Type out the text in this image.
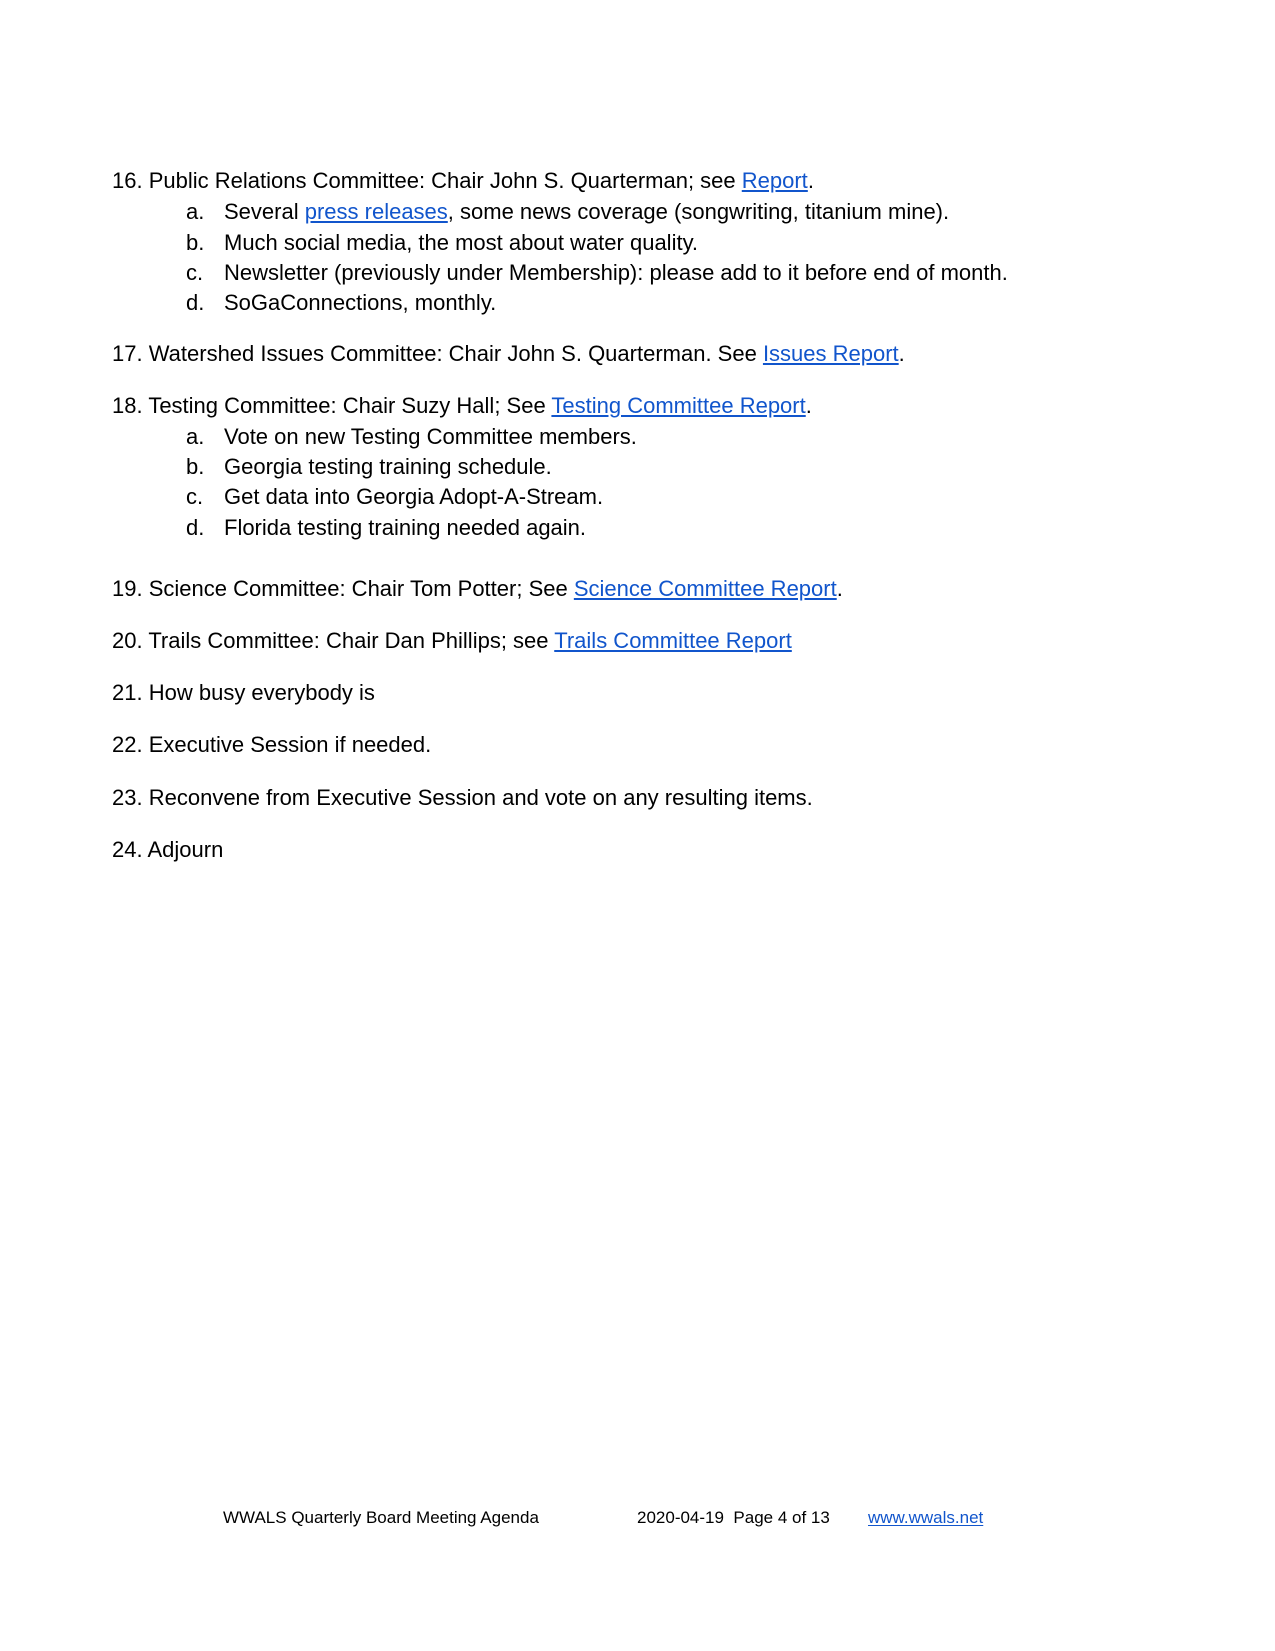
16. Public Relations Committee: Chair John S. Quarterman; see Report.
a. Several press releases, some news coverage (songwriting, titanium mine).
b. Much social media, the most about water quality.
c. Newsletter (previously under Membership): please add to it before end of month.
d. SoGaConnections, monthly.
17. Watershed Issues Committee: Chair John S. Quarterman. See Issues Report.
18. Testing Committee: Chair Suzy Hall; See Testing Committee Report.
a. Vote on new Testing Committee members.
b. Georgia testing training schedule.
c. Get data into Georgia Adopt-A-Stream.
d. Florida testing training needed again.
19. Science Committee: Chair Tom Potter; See Science Committee Report.
20. Trails Committee: Chair Dan Phillips; see Trails Committee Report
21. How busy everybody is
22. Executive Session if needed.
23. Reconvene from Executive Session and vote on any resulting items.
24. Adjourn
WWALS Quarterly Board Meeting Agenda	2020-04-19  Page 4 of 13 www.wwals.net
